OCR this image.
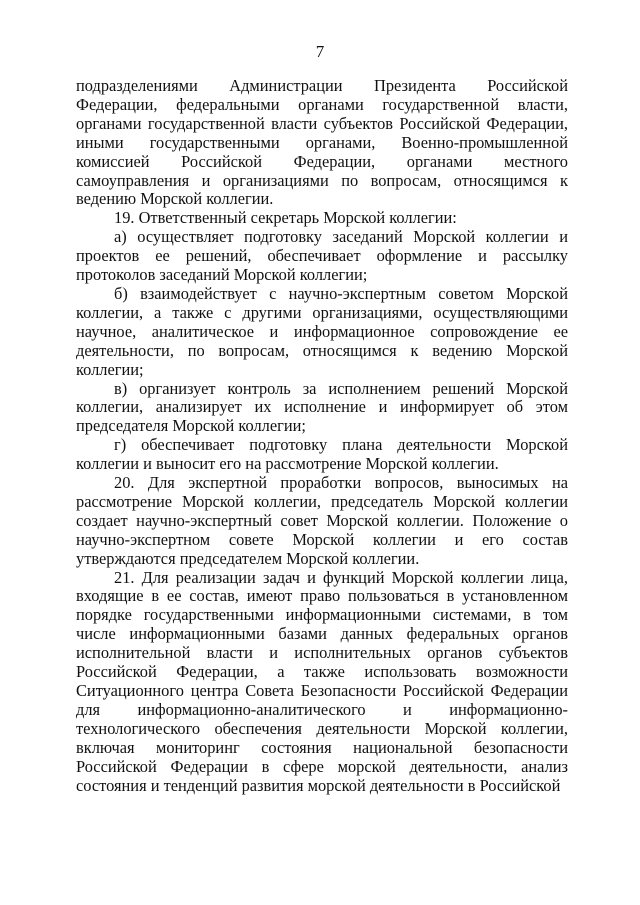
7

подразделениями Администрации Президента Российской Федерации, федеральными органами государственной власти, органами государственной власти субъектов Российской Федерации, иными государственными органами, Военно-промышленной комиссией Российской Федерации, органами местного самоуправления и организациями по вопросам, относящимся к ведению Морской коллегии.

19. Ответственный секретарь Морской коллегии:

а) осуществляет подготовку заседаний Морской коллегии и проектов ее решений, обеспечивает оформление и рассылку протоколов заседаний Морской коллегии;

б) взаимодействует с научно-экспертным советом Морской коллегии, а также с другими организациями, осуществляющими научное, аналитическое и информационное сопровождение ее деятельности, по вопросам, относящимся к ведению Морской коллегии;

в) организует контроль за исполнением решений Морской коллегии, анализирует их исполнение и информирует об этом председателя Морской коллегии;

г) обеспечивает подготовку плана деятельности Морской коллегии и выносит его на рассмотрение Морской коллегии.

20. Для экспертной проработки вопросов, выносимых на рассмотрение Морской коллегии, председатель Морской коллегии создает научно-экспертный совет Морской коллегии. Положение о научно-экспертном совете Морской коллегии и его состав утверждаются председателем Морской коллегии.

21. Для реализации задач и функций Морской коллегии лица, входящие в ее состав, имеют право пользоваться в установленном порядке государственными информационными системами, в том числе информационными базами данных федеральных органов исполнительной власти и исполнительных органов субъектов Российской Федерации, а также использовать возможности Ситуационного центра Совета Безопасности Российской Федерации для информационно-аналитического и информационно-технологического обеспечения деятельности Морской коллегии, включая мониторинг состояния национальной безопасности Российской Федерации в сфере морской деятельности, анализ состояния и тенденций развития морской деятельности в Российской
